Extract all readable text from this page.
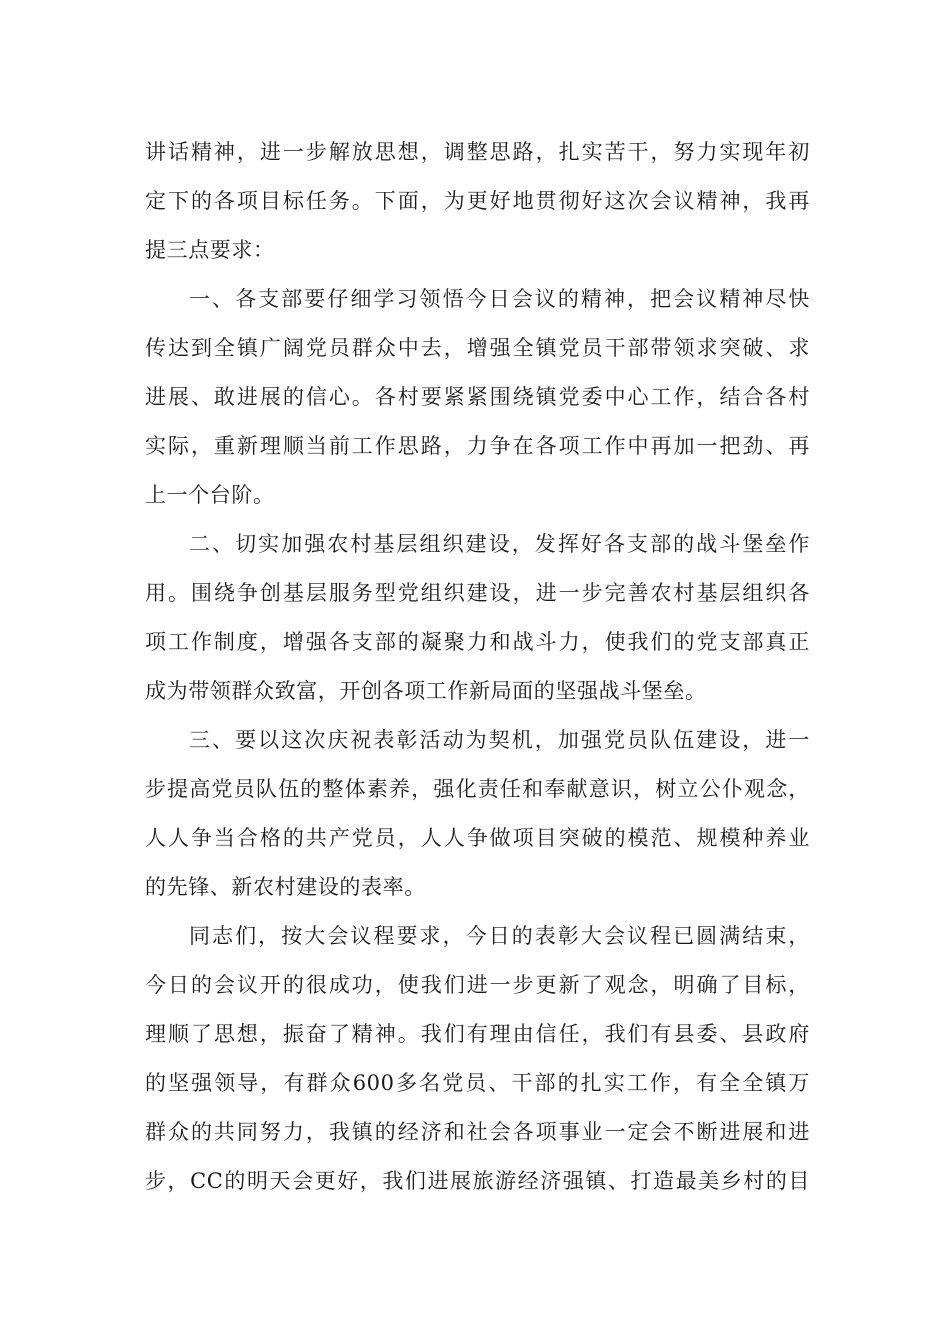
讲话精神，进一步解放思想，调整思路，扎实苦干，努力实现年初
定下的各项目标任务。下面，为更好地贯彻好这次会议精神，我再
提三点要求：
一、各支部要仔细学习领悟今日会议的精神，把会议精神尽快
传达到全镇广阔党员群众中去，增强全镇党员干部带领求突破、求
进展、敢进展的信心。各村要紧紧围绕镇党委中心工作，结合各村
实际，重新理顺当前工作思路，力争在各项工作中再加一把劲、再
上一个台阶。
二、切实加强农村基层组织建设，发挥好各支部的战斗堡垒作
用。围绕争创基层服务型党组织建设，进一步完善农村基层组织各
项工作制度，增强各支部的凝聚力和战斗力，使我们的党支部真正
成为带领群众致富，开创各项工作新局面的坚强战斗堡垒。
三、要以这次庆祝表彰活动为契机，加强党员队伍建设，进一
步提高党员队伍的整体素养，强化责任和奉献意识，树立公仆观念，
人人争当合格的共产党员，人人争做项目突破的模范、规模种养业
的先锋、新农村建设的表率。
同志们，按大会议程要求，今日的表彰大会议程已圆满结束，
今日的会议开的很成功，使我们进一步更新了观念，明确了目标，
理顺了思想，振奋了精神。我们有理由信任，我们有县委、县政府
的坚强领导，有群众600多名党员、干部的扎实工作，有全全镇万
群众的共同努力，我镇的经济和社会各项事业一定会不断进展和进
步，CC的明天会更好，我们进展旅游经济强镇、打造最美乡村的目
